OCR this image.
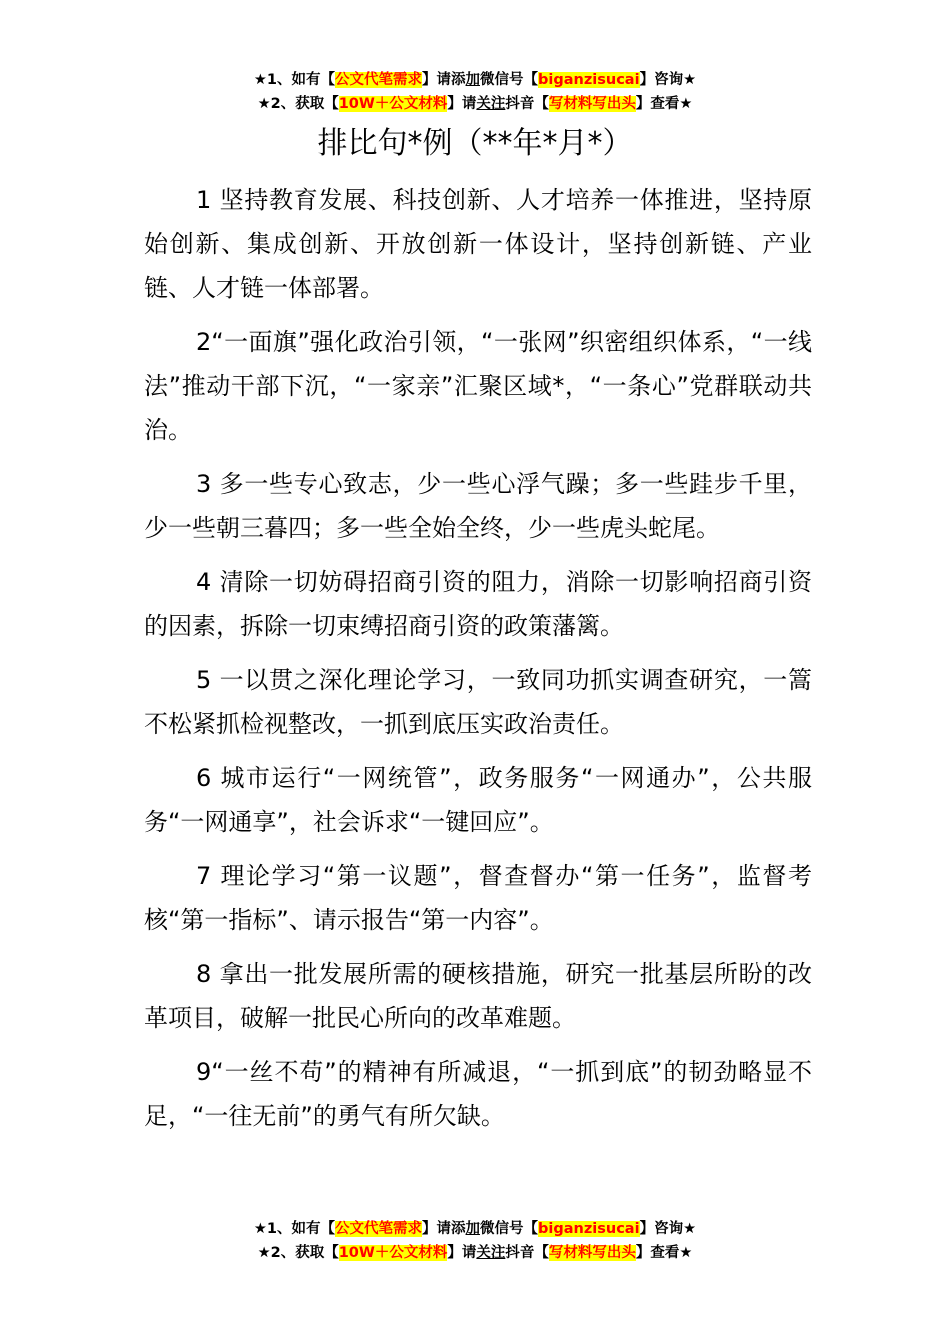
★1、如有【公文代笔需求】请添加微信号【biganzisucai】咨询★
★2、获取【10W＋公文材料】请关注抖音【写材料写出头】查看★
排比句*例（**年*月*）

1 坚持教育发展、科技创新、人才培养一体推进，坚持原始创新、集成创新、开放创新一体设计，坚持创新链、产业链、人才链一体部署。

2“一面旗”强化政治引领，“一张网”织密组织体系，“一线法”推动干部下沉，“一家亲”汇聚区域*，“一条心”党群联动共治。

3 多一些专心致志，少一些心浮气躁；多一些跬步千里，少一些朝三暮四；多一些全始全终，少一些虎头蛇尾。

4 清除一切妨碍招商引资的阻力，消除一切影响招商引资的因素，拆除一切束缚招商引资的政策藩篱。

5 一以贯之深化理论学习，一致同功抓实调查研究，一篙不松紧抓检视整改，一抓到底压实政治责任。

6 城市运行“一网统管”，政务服务“一网通办”，公共服务“一网通享”，社会诉求“一键回应”。

7 理论学习“第一议题”，督查督办“第一任务”，监督考核“第一指标”、请示报告“第一内容”。

8 拿出一批发展所需的硬核措施，研究一批基层所盼的改革项目，破解一批民心所向的改革难题。

9“一丝不苟”的精神有所减退，“一抓到底”的韧劲略显不足，“一往无前”的勇气有所欠缺。

★1、如有【公文代笔需求】请添加微信号【biganzisucai】咨询★
★2、获取【10W＋公文材料】请关注抖音【写材料写出头】查看★
